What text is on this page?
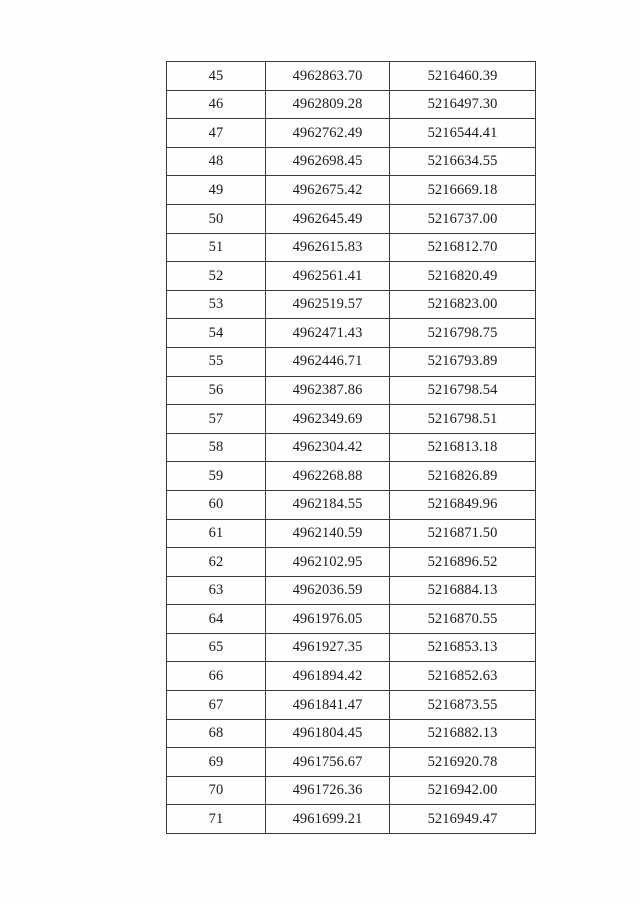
45	4962863.70	5216460.39
46	4962809.28	5216497.30
47	4962762.49	5216544.41
48	4962698.45	5216634.55
49	4962675.42	5216669.18
50	4962645.49	5216737.00
51	4962615.83	5216812.70
52	4962561.41	5216820.49
53	4962519.57	5216823.00
54	4962471.43	5216798.75
55	4962446.71	5216793.89
56	4962387.86	5216798.54
57	4962349.69	5216798.51
58	4962304.42	5216813.18
59	4962268.88	5216826.89
60	4962184.55	5216849.96
61	4962140.59	5216871.50
62	4962102.95	5216896.52
63	4962036.59	5216884.13
64	4961976.05	5216870.55
65	4961927.35	5216853.13
66	4961894.42	5216852.63
67	4961841.47	5216873.55
68	4961804.45	5216882.13
69	4961756.67	5216920.78
70	4961726.36	5216942.00
71	4961699.21	5216949.47
